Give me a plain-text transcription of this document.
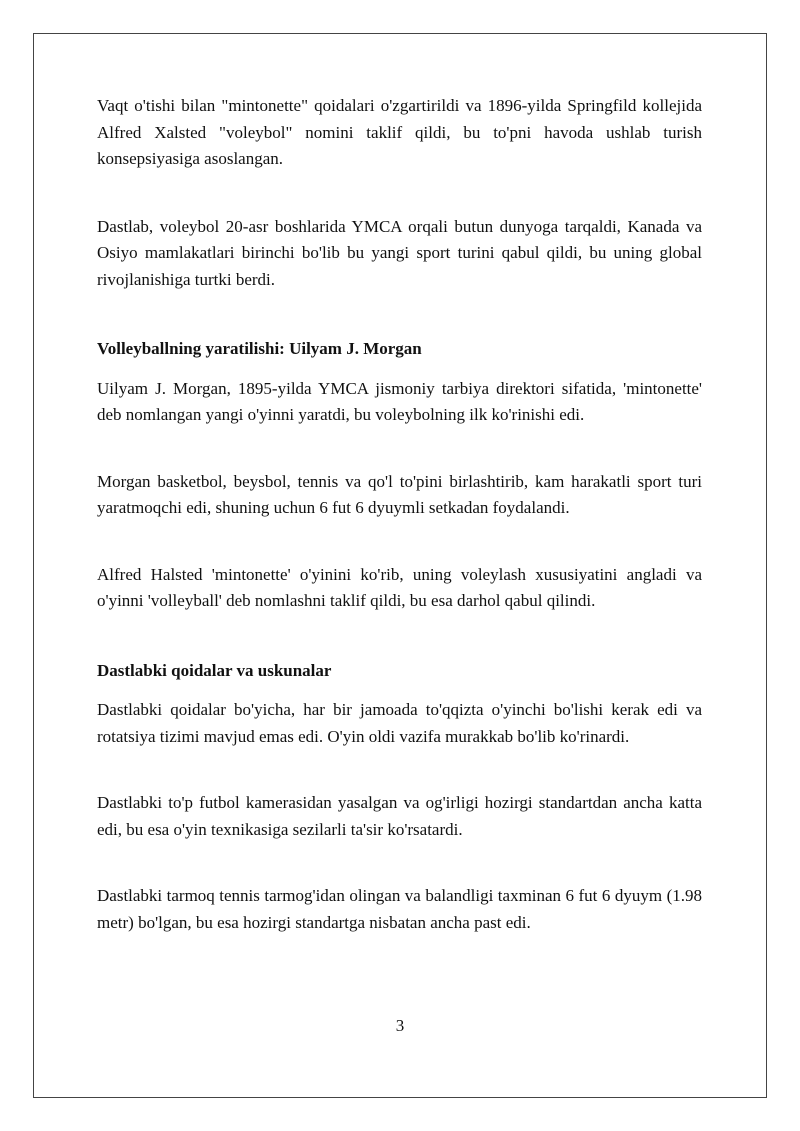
Vaqt o'tishi bilan "mintonette" qoidalari o'zgartirildi va 1896-yilda Springfild kollejida Alfred Xalsted "voleybol" nomini taklif qildi, bu to'pni havoda ushlab turish konsepsiyasiga asoslangan.

Dastlab, voleybol 20-asr boshlarida YMCA orqali butun dunyoga tarqaldi, Kanada va Osiyo mamlakatlari birinchi bo'lib bu yangi sport turini qabul qildi, bu uning global rivojlanishiga turtki berdi.

Volleyballning yaratilishi: Uilyam J. Morgan

Uilyam J. Morgan, 1895-yilda YMCA jismoniy tarbiya direktori sifatida, 'mintonette' deb nomlangan yangi o'yinni yaratdi, bu voleybolning ilk ko'rinishi edi.

Morgan basketbol, beysbol, tennis va qo'l to'pini birlashtirib, kam harakatli sport turi yaratmoqchi edi, shuning uchun 6 fut 6 dyuymli setkadan foydalandi.

Alfred Halsted 'mintonette' o'yinini ko'rib, uning voleylash xususiyatini angladi va o'yinni 'volleyball' deb nomlashni taklif qildi, bu esa darhol qabul qilindi.

Dastlabki qoidalar va uskunalar

Dastlabki qoidalar bo'yicha, har bir jamoada to'qqizta o'yinchi bo'lishi kerak edi va rotatsiya tizimi mavjud emas edi. O'yin oldi vazifa murakkab bo'lib ko'rinardi.

Dastlabki to'p futbol kamerasidan yasalgan va og'irligi hozirgi standartdan ancha katta edi, bu esa o'yin texnikasiga sezilarli ta'sir ko'rsatardi.

Dastlabki tarmoq tennis tarmog'idan olingan va balandligi taxminan 6 fut 6 dyuym (1.98 metr) bo'lgan, bu esa hozirgi standartga nisbatan ancha past edi.

3
